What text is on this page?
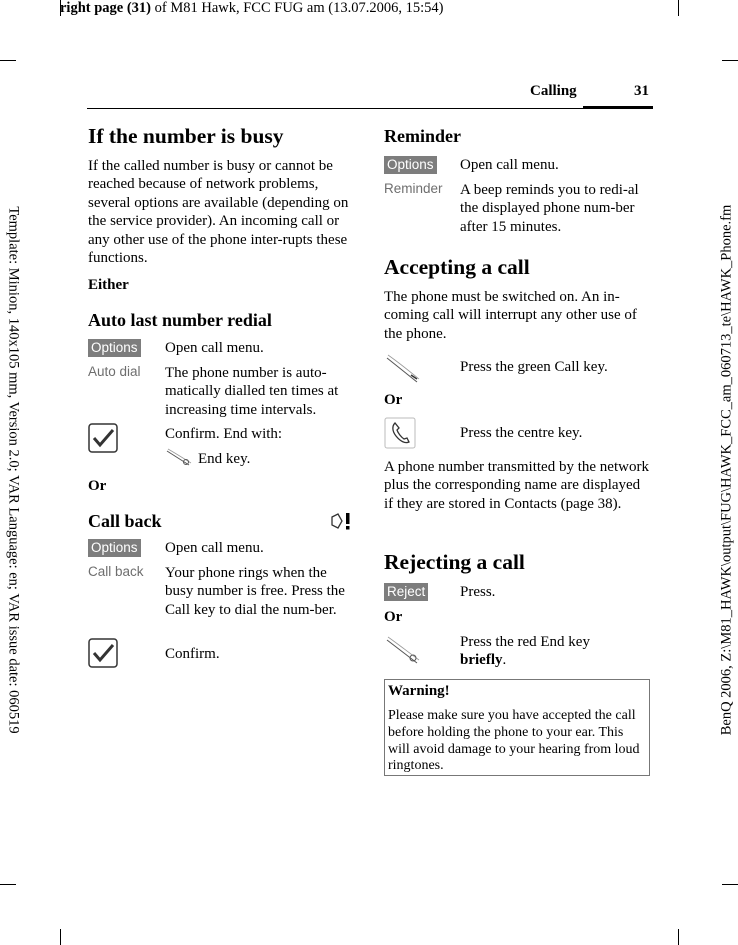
right page (31) of M81 Hawk, FCC FUG am (13.07.2006, 15:54)
Template: Minion, 140x105 mm, Version 2.0; VAR Language: en; VAR issue date: 060519	BenQ 2006, Z:\M81_HAWK\output\FUG\HAWK_FCC_am_060713_te\HAWK_Phone.fm
Calling	31
If the number is busy

If the called number is busy or cannot be reached because of network problems, several options are available (depending on the service provider). An incoming call or any other use of the phone inter-rupts these functions.

Either

Auto last number redial
Options Open call menu.

Auto dial The phone number is auto-matically dialled ten times at increasing time intervals.

Confirm. End with:

End key.

Or

Call back
Options Open call menu.

Call back Your phone rings when the busy number is free. Press the Call key to dial the num-ber.

Confirm.

Reminder
Options Open call menu.

Reminder A beep reminds you to redi-al the displayed phone num-ber after 15 minutes.

Accepting a call

The phone must be switched on. An in-coming call will interrupt any other use of the phone.

Press the green Call key.

Or

Press the centre key.

A phone number transmitted by the network plus the corresponding name are displayed if they are stored in Contacts (page 38).

Rejecting a call
Reject Press.

Or

Press the red End key
briefly.

Warning!
Please make sure you have accepted the call before holding the phone to your ear. This will avoid damage to your hearing from loud ringtones.
